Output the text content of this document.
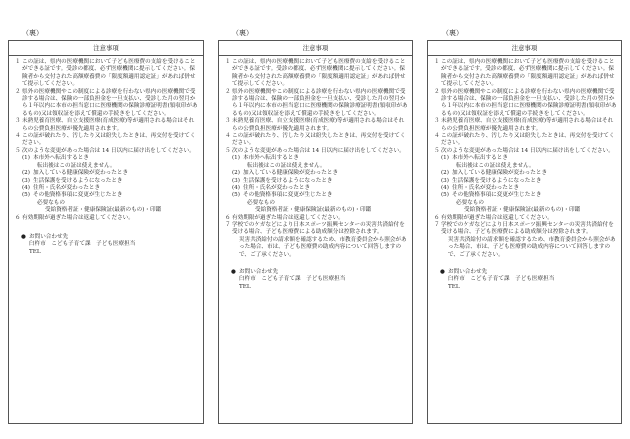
（裏）
注意事項
１ この証は、県内の医療機関において子ども医療費の支給を受けることができる証です。受診の都度、必ず医療機関に提示してください。保険者から交付された高額療養費の「限度額適用認定証」があれば併せて提示してください。
２ 県外の医療機関やこの制度による診療を行わない県内の医療機関で受診する場合は、保険の一部負担金を一旦支払い、受診した月の翌月から１年以内に本市の担当窓口に医療機関の保険診療証明書(領収印があるもの)又は領収証を添えて償還の手続きをしてください。
３ 未熟児養育医療、自立支援医療(育成医療)等が適用される場合はそれらの公費負担医療が優先適用されます。
４ この証が破れたり、汚したり又は紛失したときは、再交付を受けてください。
５ 次のような変更があった場合は 14 日以内に届け出をしてください。
(1) 本市外へ転出するとき
転出後はこの証は使えません。
(2) 加入している健康保険が変わったとき
(3) 生活保護を受けるようになったとき
(4) 住所・氏名が変わったとき
(5) その他資格事項に変更が生じたとき
必要なもの
受給資格者証・健康保険証(最新のもの)・印鑑
６ 有効期限が過ぎた場合は返還してください。
● お問い合わせ先
臼杵市　こども子育て課　子ども医療担当
TEL
（裏）
注意事項
１ この証は、県内の医療機関において子ども医療費の支給を受けることができる証です。受診の都度、必ず医療機関に提示してください。保険者から交付された高額療養費の「限度額適用認定証」があれば併せて提示してください。
２ 県外の医療機関やこの制度による診療を行わない県内の医療機関で受診する場合は、保険の一部負担金を一旦支払い、受診した月の翌月から１年以内に本市の担当窓口に医療機関の保険診療証明書(領収印があるもの)又は領収証を添えて償還の手続きをしてください。
３ 未熟児養育医療、自立支援医療(育成医療)等が適用される場合はそれらの公費負担医療が優先適用されます。
４ この証が破れたり、汚したり又は紛失したときは、再交付を受けてください。
５ 次のような変更があった場合は 14 日以内に届け出をしてください。
(1) 本市外へ転出するとき
転出後はこの証は使えません。
(2) 加入している健康保険が変わったとき
(3) 生活保護を受けるようになったとき
(4) 住所・氏名が変わったとき
(5) その他資格事項に変更が生じたとき
必要なもの
受給資格者証・健康保険証(最新のもの)・印鑑
６ 有効期限が過ぎた場合は返還してください。
７ 学校でのケガなどにより日本スポーツ振興センターの災害共済給付を受ける場合、子ども医療費による助成額分は控除されます。
災害共済給付の請求額を確認するため、市教育委員会から照会があった場合、市は、子ども医療費の助成内容について回答しますので、ご了承ください。
● お問い合わせ先
臼杵市　こども子育て課　子ども医療担当
TEL
（裏）
注意事項
１ この証は、県内の医療機関において子ども医療費の支給を受けることができる証です。受診の都度、必ず医療機関に提示してください。保険者から交付された高額療養費の「限度額適用認定証」があれば併せて提示してください。
２ 県外の医療機関やこの制度による診療を行わない県内の医療機関で受診する場合は、保険の一部負担金を一旦支払い、受診した月の翌月から１年以内に本市の担当窓口に医療機関の保険診療証明書(領収印があるもの)又は領収証を添えて償還の手続きをしてください。
３ 未熟児養育医療、自立支援医療(育成医療)等が適用される場合はそれらの公費負担医療が優先適用されます。
４ この証が破れたり、汚したり又は紛失したときは、再交付を受けてください。
５ 次のような変更があった場合は 14 日以内に届け出をしてください。
(1) 本市外へ転出するとき
転出後はこの証は使えません。
(2) 加入している健康保険が変わったとき
(3) 生活保護を受けるようになったとき
(4) 住所・氏名が変わったとき
(5) その他資格事項に変更が生じたとき
必要なもの
受給資格者証・健康保険証(最新のもの)・印鑑
６ 有効期限が過ぎた場合は返還してください。
７ 学校でのケガなどにより日本スポーツ振興センターの災害共済給付を受ける場合、子ども医療費による助成額分は控除されます。
災害共済給付の請求額を確認するため、市教育委員会から照会があった場合、市は、子ども医療費の助成内容について回答しますので、ご了承ください。
● お問い合わせ先
臼杵市　こども子育て課　子ども医療担当
TEL
